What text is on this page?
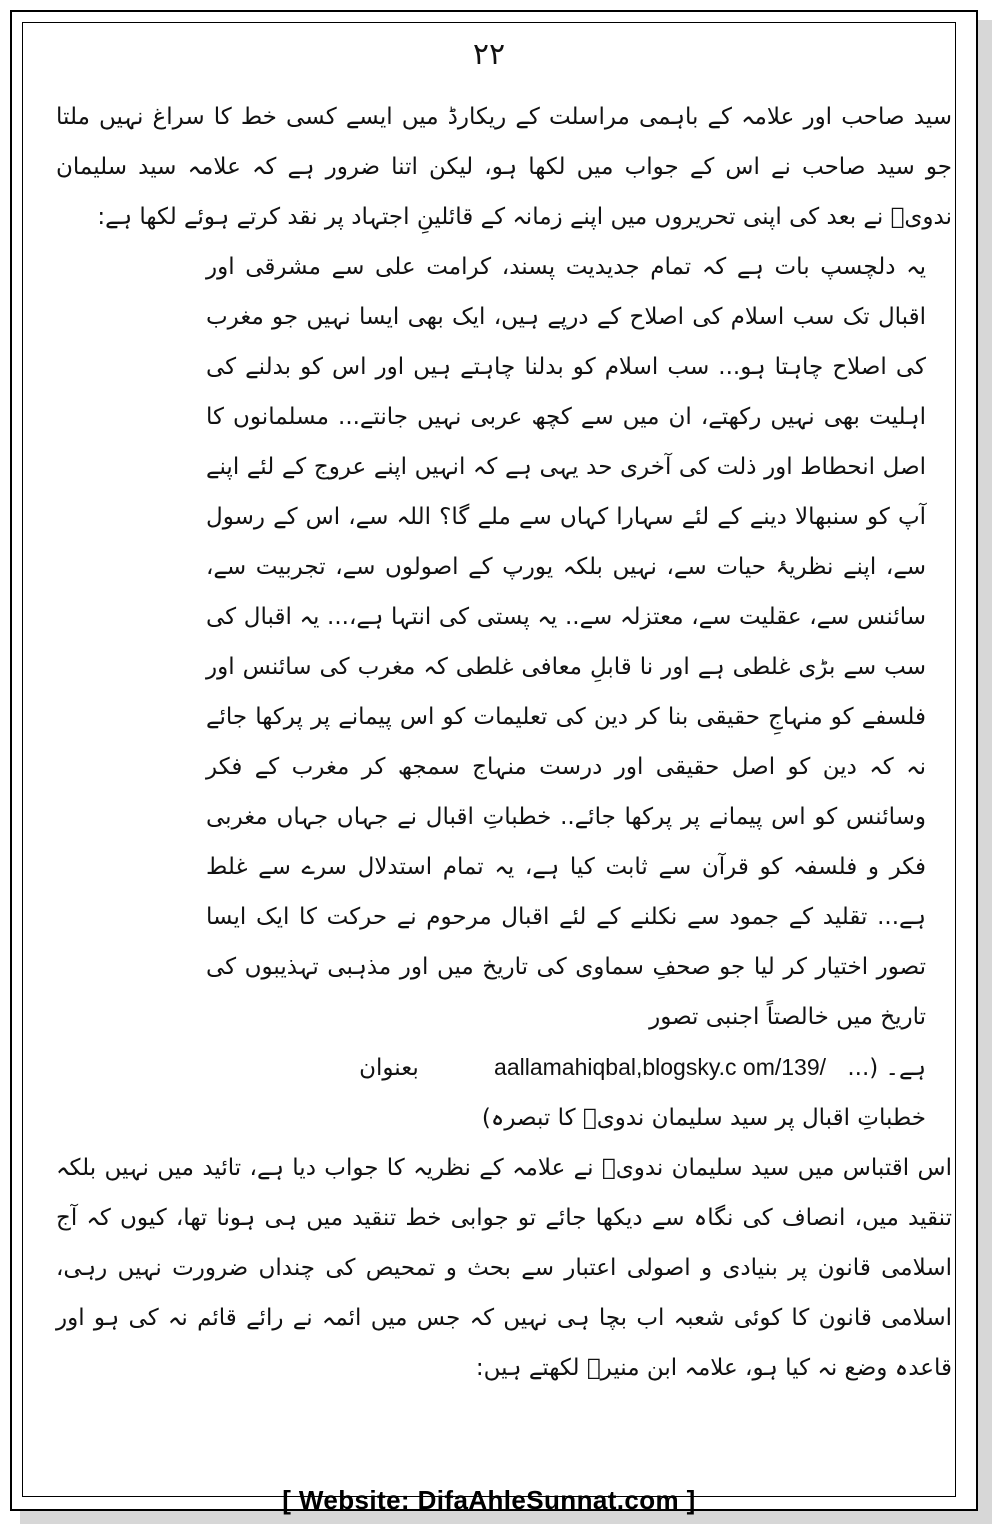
۲۲

سید صاحب اور علامہ کے باہمی مراسلت کے ریکارڈ میں ایسے کسی خط کا سراغ نہیں ملتا جو سید صاحب نے اس کے جواب میں لکھا ہو، لیکن اتنا ضرور ہے کہ علامہ سید سلیمان ندویؒ نے بعد کی اپنی تحریروں میں اپنے زمانہ کے قائلینِ اجتہاد پر نقد کرتے ہوئے لکھا ہے:

یہ دلچسپ بات ہے کہ تمام جدیدیت پسند، کرامت علی سے مشرقی اور اقبال تک سب اسلام کی اصلاح کے درپے ہیں، ایک بھی ایسا نہیں جو مغرب کی اصلاح چاہتا ہو... سب اسلام کو بدلنا چاہتے ہیں اور اس کو بدلنے کی اہلیت بھی نہیں رکھتے، ان میں سے کچھ عربی نہیں جانتے... مسلمانوں کا اصل انحطاط اور ذلت کی آخری حد یہی ہے کہ انہیں اپنے عروج کے لئے اپنے آپ کو سنبھالا دینے کے لئے سہارا کہاں سے ملے گا؟ اللہ سے، اس کے رسول سے، اپنے نظریۂ حیات سے، نہیں بلکہ یورپ کے اصولوں سے، تجربیت سے، سائنس سے، عقلیت سے، معتزلہ سے.. یہ پستی کی انتہا ہے،... یہ اقبال کی سب سے بڑی غلطی ہے اور نا قابلِ معافی غلطی کہ مغرب کی سائنس اور فلسفے کو منہاجِ حقیقی بنا کر دین کی تعلیمات کو اس پیمانے پر پرکھا جائے نہ کہ دین کو اصل حقیقی اور درست منہاج سمجھ کر مغرب کے فکر وسائنس کو اس پیمانے پر پرکھا جائے.. خطباتِ اقبال نے جہاں جہاں مغربی فکر و فلسفہ کو قرآن سے ثابت کیا ہے، یہ تمام استدلال سرے سے غلط ہے... تقلید کے جمود سے نکلنے کے لئے اقبال مرحوم نے حرکت کا ایک ایسا تصور اختیار کر لیا جو صحفِ سماوی کی تاریخ میں اور مذہبی تہذیبوں کی تاریخ میں خالصتاً اجنبی تصور

ہے۔ (... aallamahiqbal,blogsky.c om/139/ بعنوان

خطباتِ اقبال پر سید سلیمان ندویؒ کا تبصرہ)

اس اقتباس میں سید سلیمان ندویؒ نے علامہ کے نظریہ کا جواب دیا ہے، تائید میں نہیں بلکہ تنقید میں، انصاف کی نگاہ سے دیکھا جائے تو جوابی خط تنقید میں ہی ہونا تھا، کیوں کہ آج اسلامی قانون پر بنیادی و اصولی اعتبار سے بحث و تمحیص کی چنداں ضرورت نہیں رہی، اسلامی قانون کا کوئی شعبہ اب بچا ہی نہیں کہ جس میں ائمہ نے رائے قائم نہ کی ہو اور قاعدہ وضع نہ کیا ہو، علامہ ابن منیرؒ لکھتے ہیں:

[ Website: DifaAhleSunnat.com ]
